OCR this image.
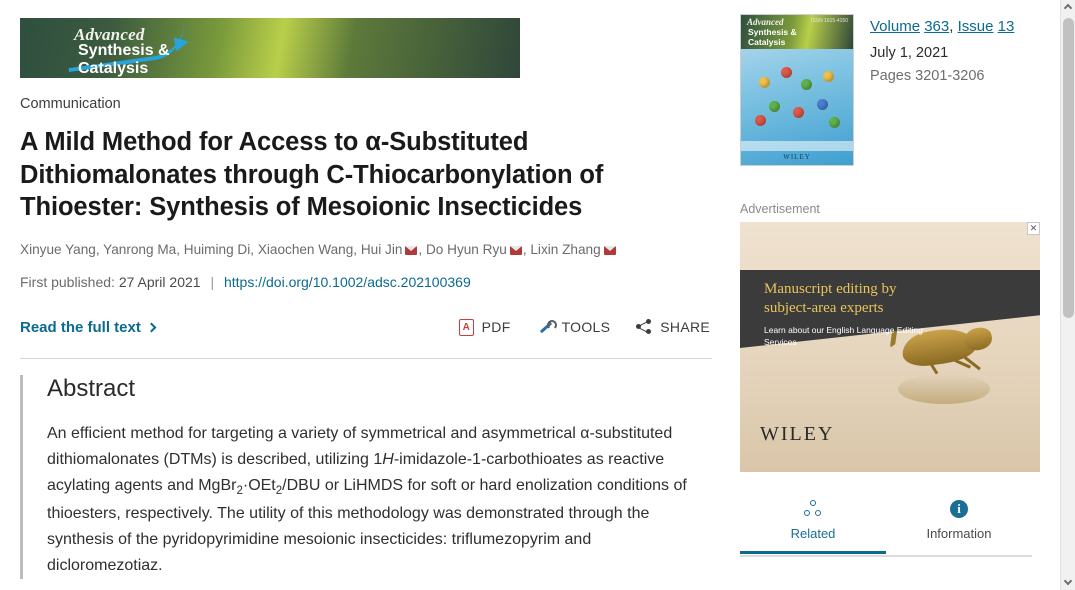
Advanced
Synthesis &
Catalysis
Communication
A Mild Method for Access to α-Substituted Dithiomalonates through C-Thiocarbonylation of Thioester: Synthesis of Mesoionic Insecticides
Xinyue Yang, Yanrong Ma, Huiming Di, Xiaochen Wang, Hui Jin , Do Hyun Ryu , Lixin Zhang
First published: 27 April 2021 | https://doi.org/10.1002/adsc.202100369
Read the full text A	PDF	TOOLS	SHARE
Abstract

An efficient method for targeting a variety of symmetrical and asymmetrical α-substituted dithiomalonates (DTMs) is described, utilizing 1H-imidazole-1-carbothioates as reactive acylating agents and MgBr$_2$·OEt$_2$/DBU or LiHMDS for soft or hard enolization conditions of thioesters, respectively. The utility of this methodology was demonstrated through the synthesis of the pyridopyrimidine mesoionic insecticides: triflumezopyrim and dicloromezotiaz.

Advanced
Synthesis &
Catalysis
ISSN 1615-4150
WILEY
Volume 363, Issue 13
July 1, 2021
Pages 3201-3206
Advertisement
✕
Manuscript editing by subject-area experts
Learn about our English Language Editing Services
WILEY
Related
i
Information
